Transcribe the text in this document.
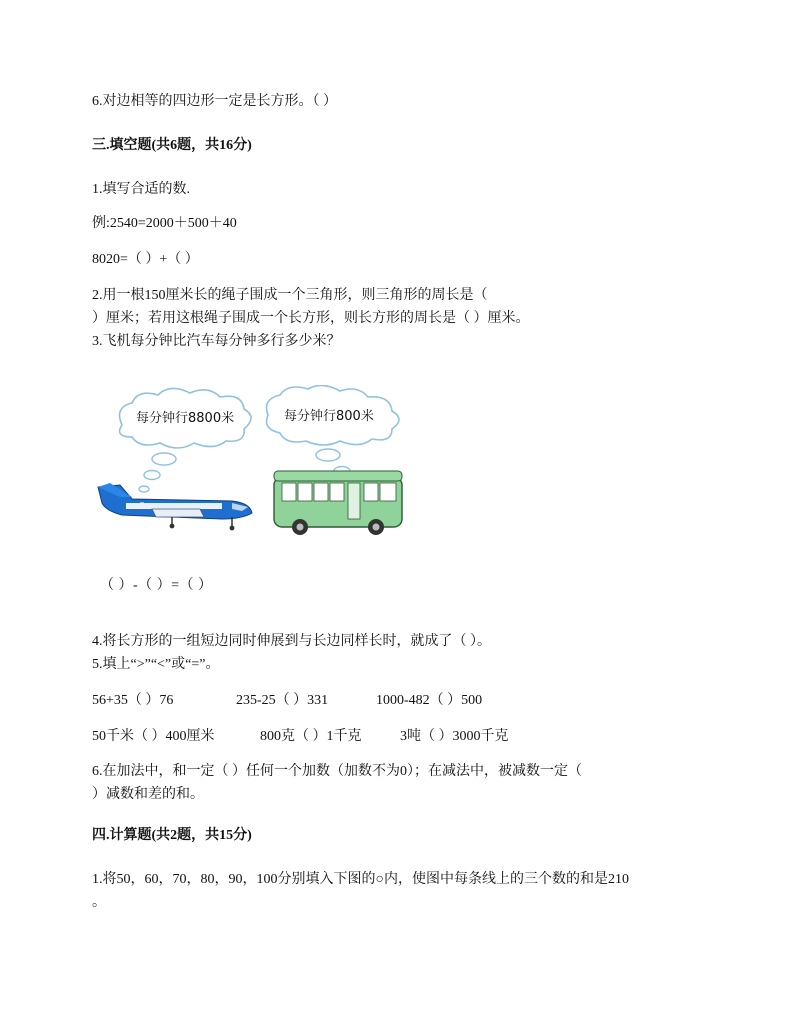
6.对边相等的四边形一定是长方形。（ ）
三.填空题(共6题，共16分)
1.填写合适的数.
例:2540=2000＋500＋40
8020=（ ）+（ ）
2.用一根150厘米长的绳子围成一个三角形，则三角形的周长是（
）厘米；若用这根绳子围成一个长方形，则长方形的周长是（ ）厘米。
3.飞机每分钟比汽车每分钟多行多少米？
每分钟行8800米	每分钟行800米
（ ）-（ ）=（ ）
4.将长方形的一组短边同时伸展到与长边同样长时，就成了（ ）。
5.填上“>”“<”或“=”。
56+35（ ）76	235-25（ ）331	1000-482（ ）500
50千米（ ）400厘米	800克（ ）1千克	3吨（ ）3000千克
6.在加法中，和一定（ ）任何一个加数（加数不为0）；在减法中，被减数一定（
）减数和差的和。
四.计算题(共2题，共15分)
1.将50，60，70，80，90，100分别填入下图的○内，使图中每条线上的三个数的和是210
。
